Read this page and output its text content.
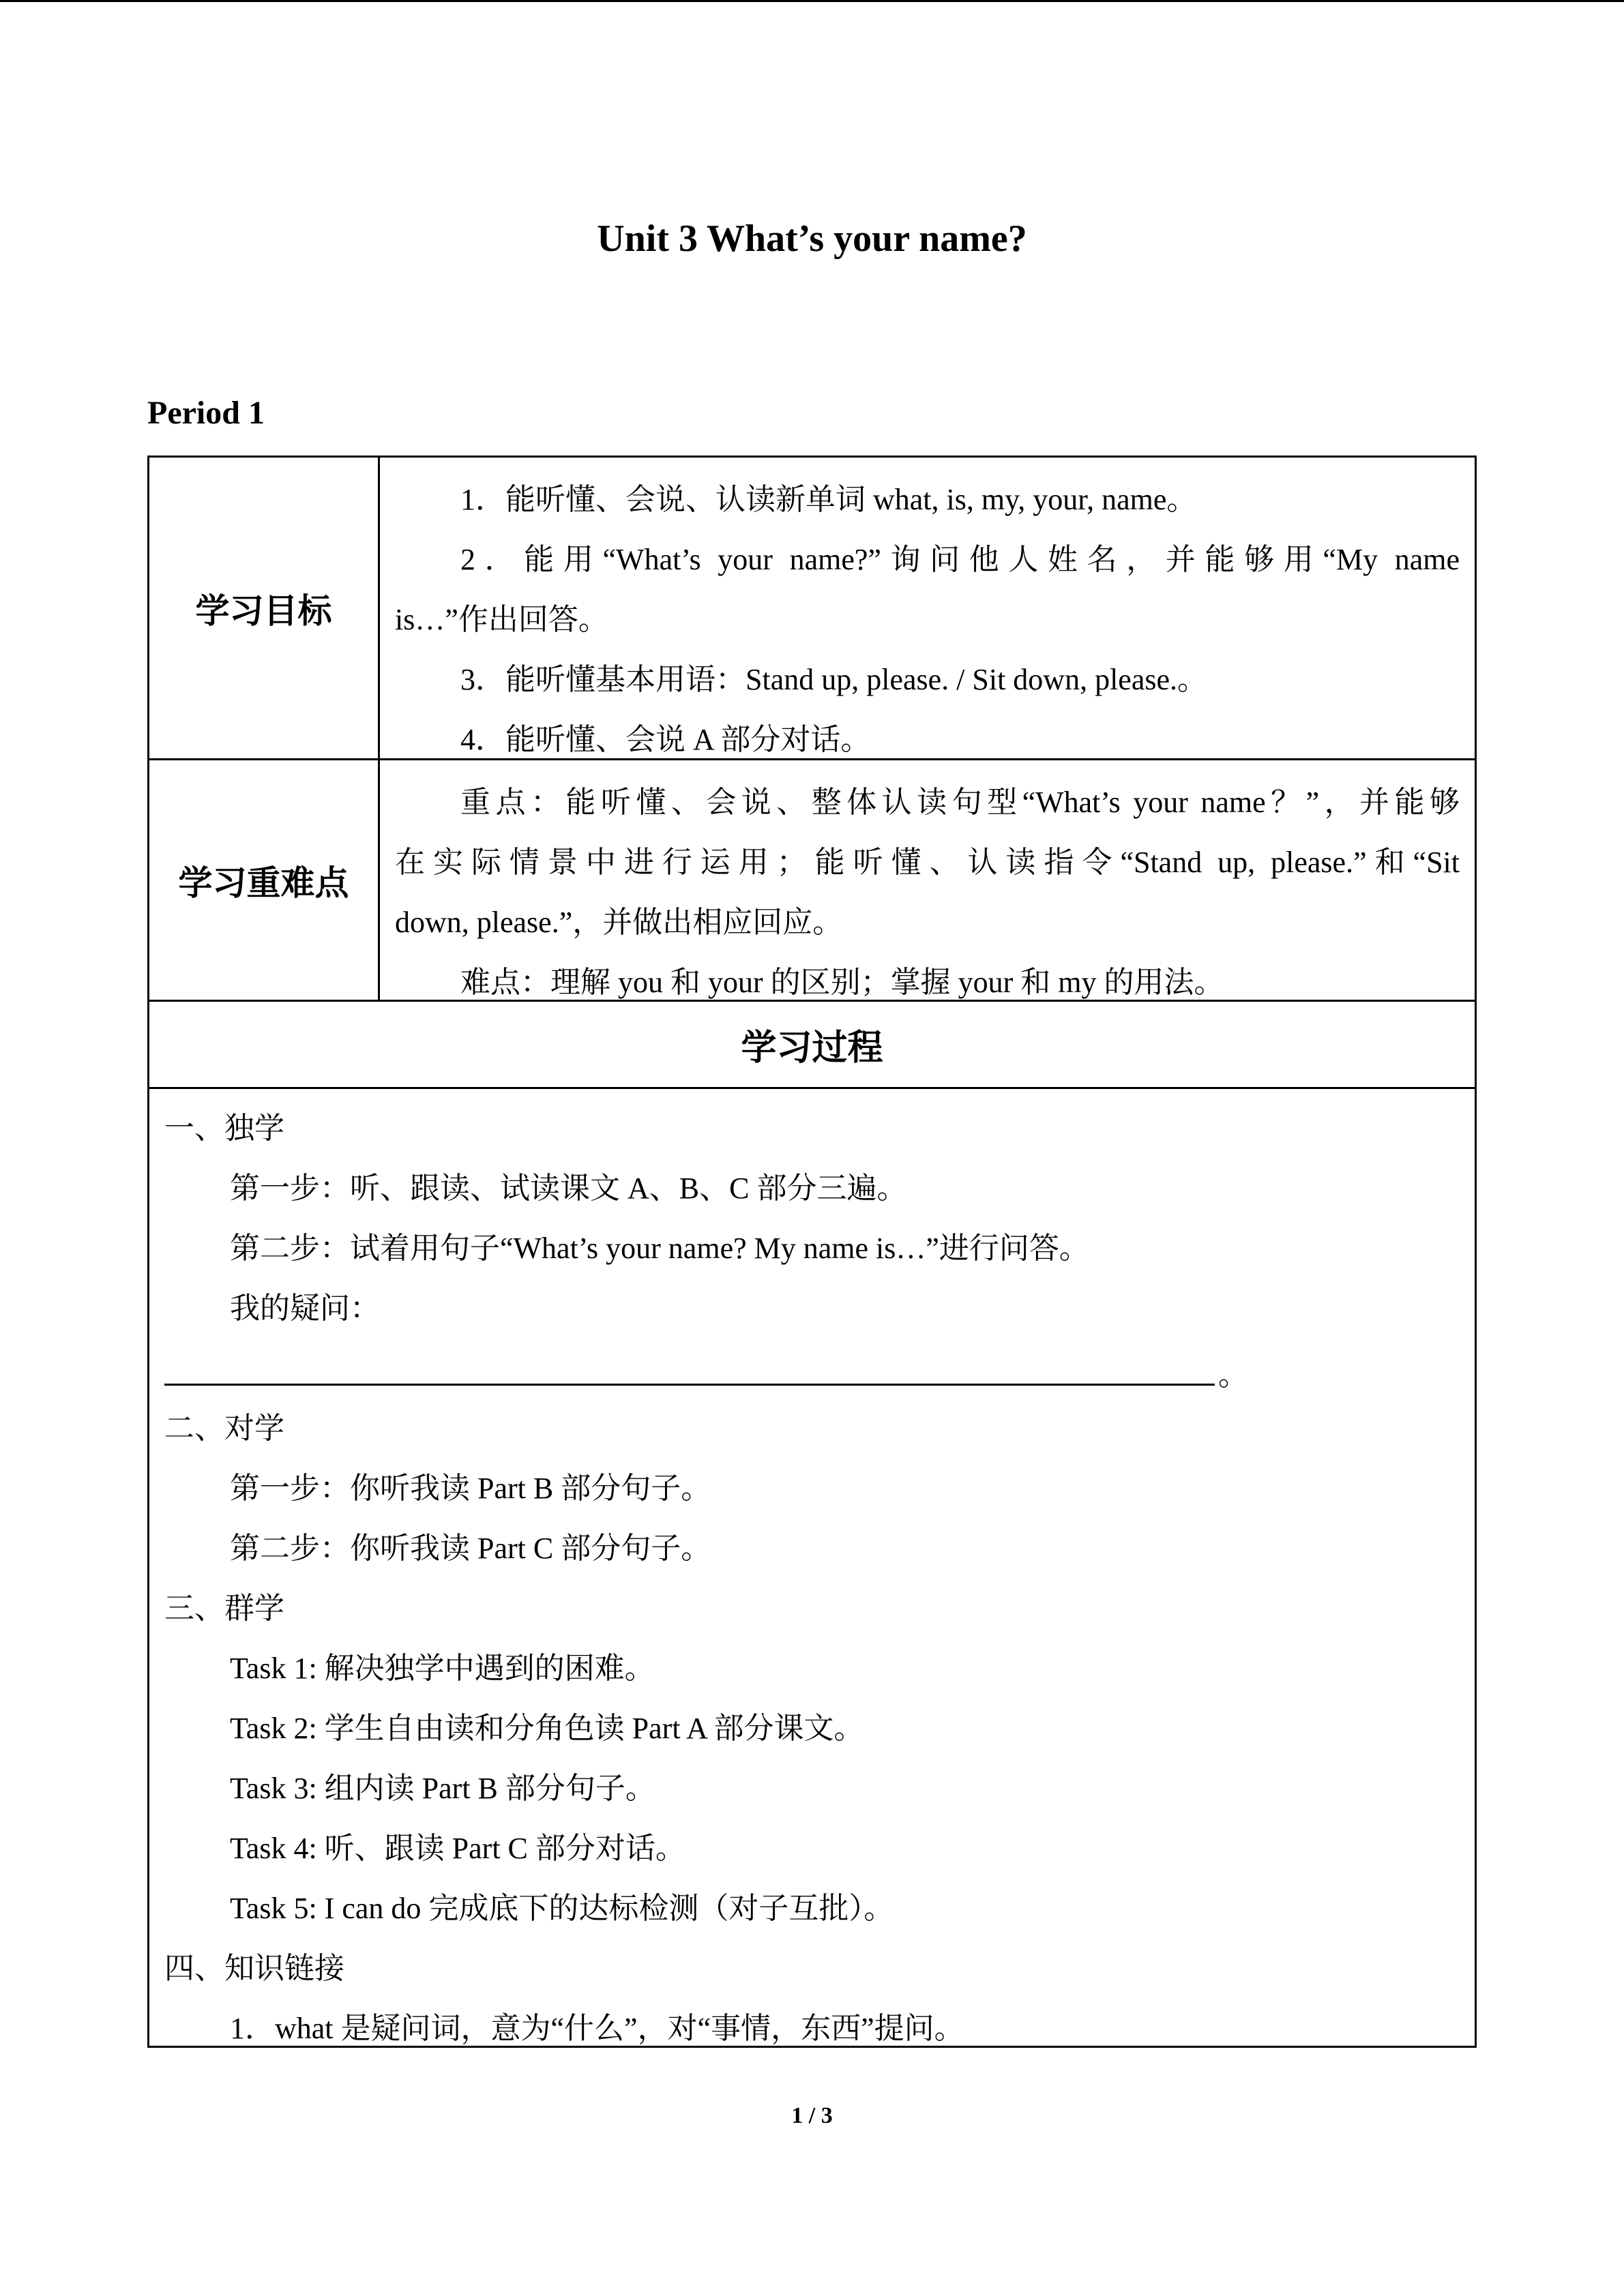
Unit 3 What’s your name?
Period 1
学习目标
1．能听懂、会说、认读新单词 what, is, my, your, name。
2．能用“What’s your name?”询问他人姓名，并能够用“My name
is…”作出回答。
3．能听懂基本用语：Stand up, please. / Sit down, please.。
4．能听懂、会说 A 部分对话。
学习重难点
重点：能听懂、会说、整体认读句型“What’s your name？”，并能够
在实际情景中进行运用；能听懂、认读指令“Stand up, please.”和“Sit
down, please.”，并做出相应回应。
难点：理解 you 和 your 的区别；掌握 your 和 my 的用法。
学习过程
一、独学
第一步：听、跟读、试读课文 A、B、C 部分三遍。
第二步：试着用句子“What’s your name? My name is…”进行问答。
我的疑问：
。
二、对学
第一步：你听我读 Part B 部分句子。
第二步：你听我读 Part C 部分句子。
三、群学
Task 1: 解决独学中遇到的困难。
Task 2: 学生自由读和分角色读 Part A 部分课文。
Task 3: 组内读 Part B 部分句子。
Task 4: 听、跟读 Part C 部分对话。
Task 5: I can do 完成底下的达标检测（对子互批）。
四、知识链接
1．what 是疑问词，意为“什么”，对“事情，东西”提问。
1 / 3
